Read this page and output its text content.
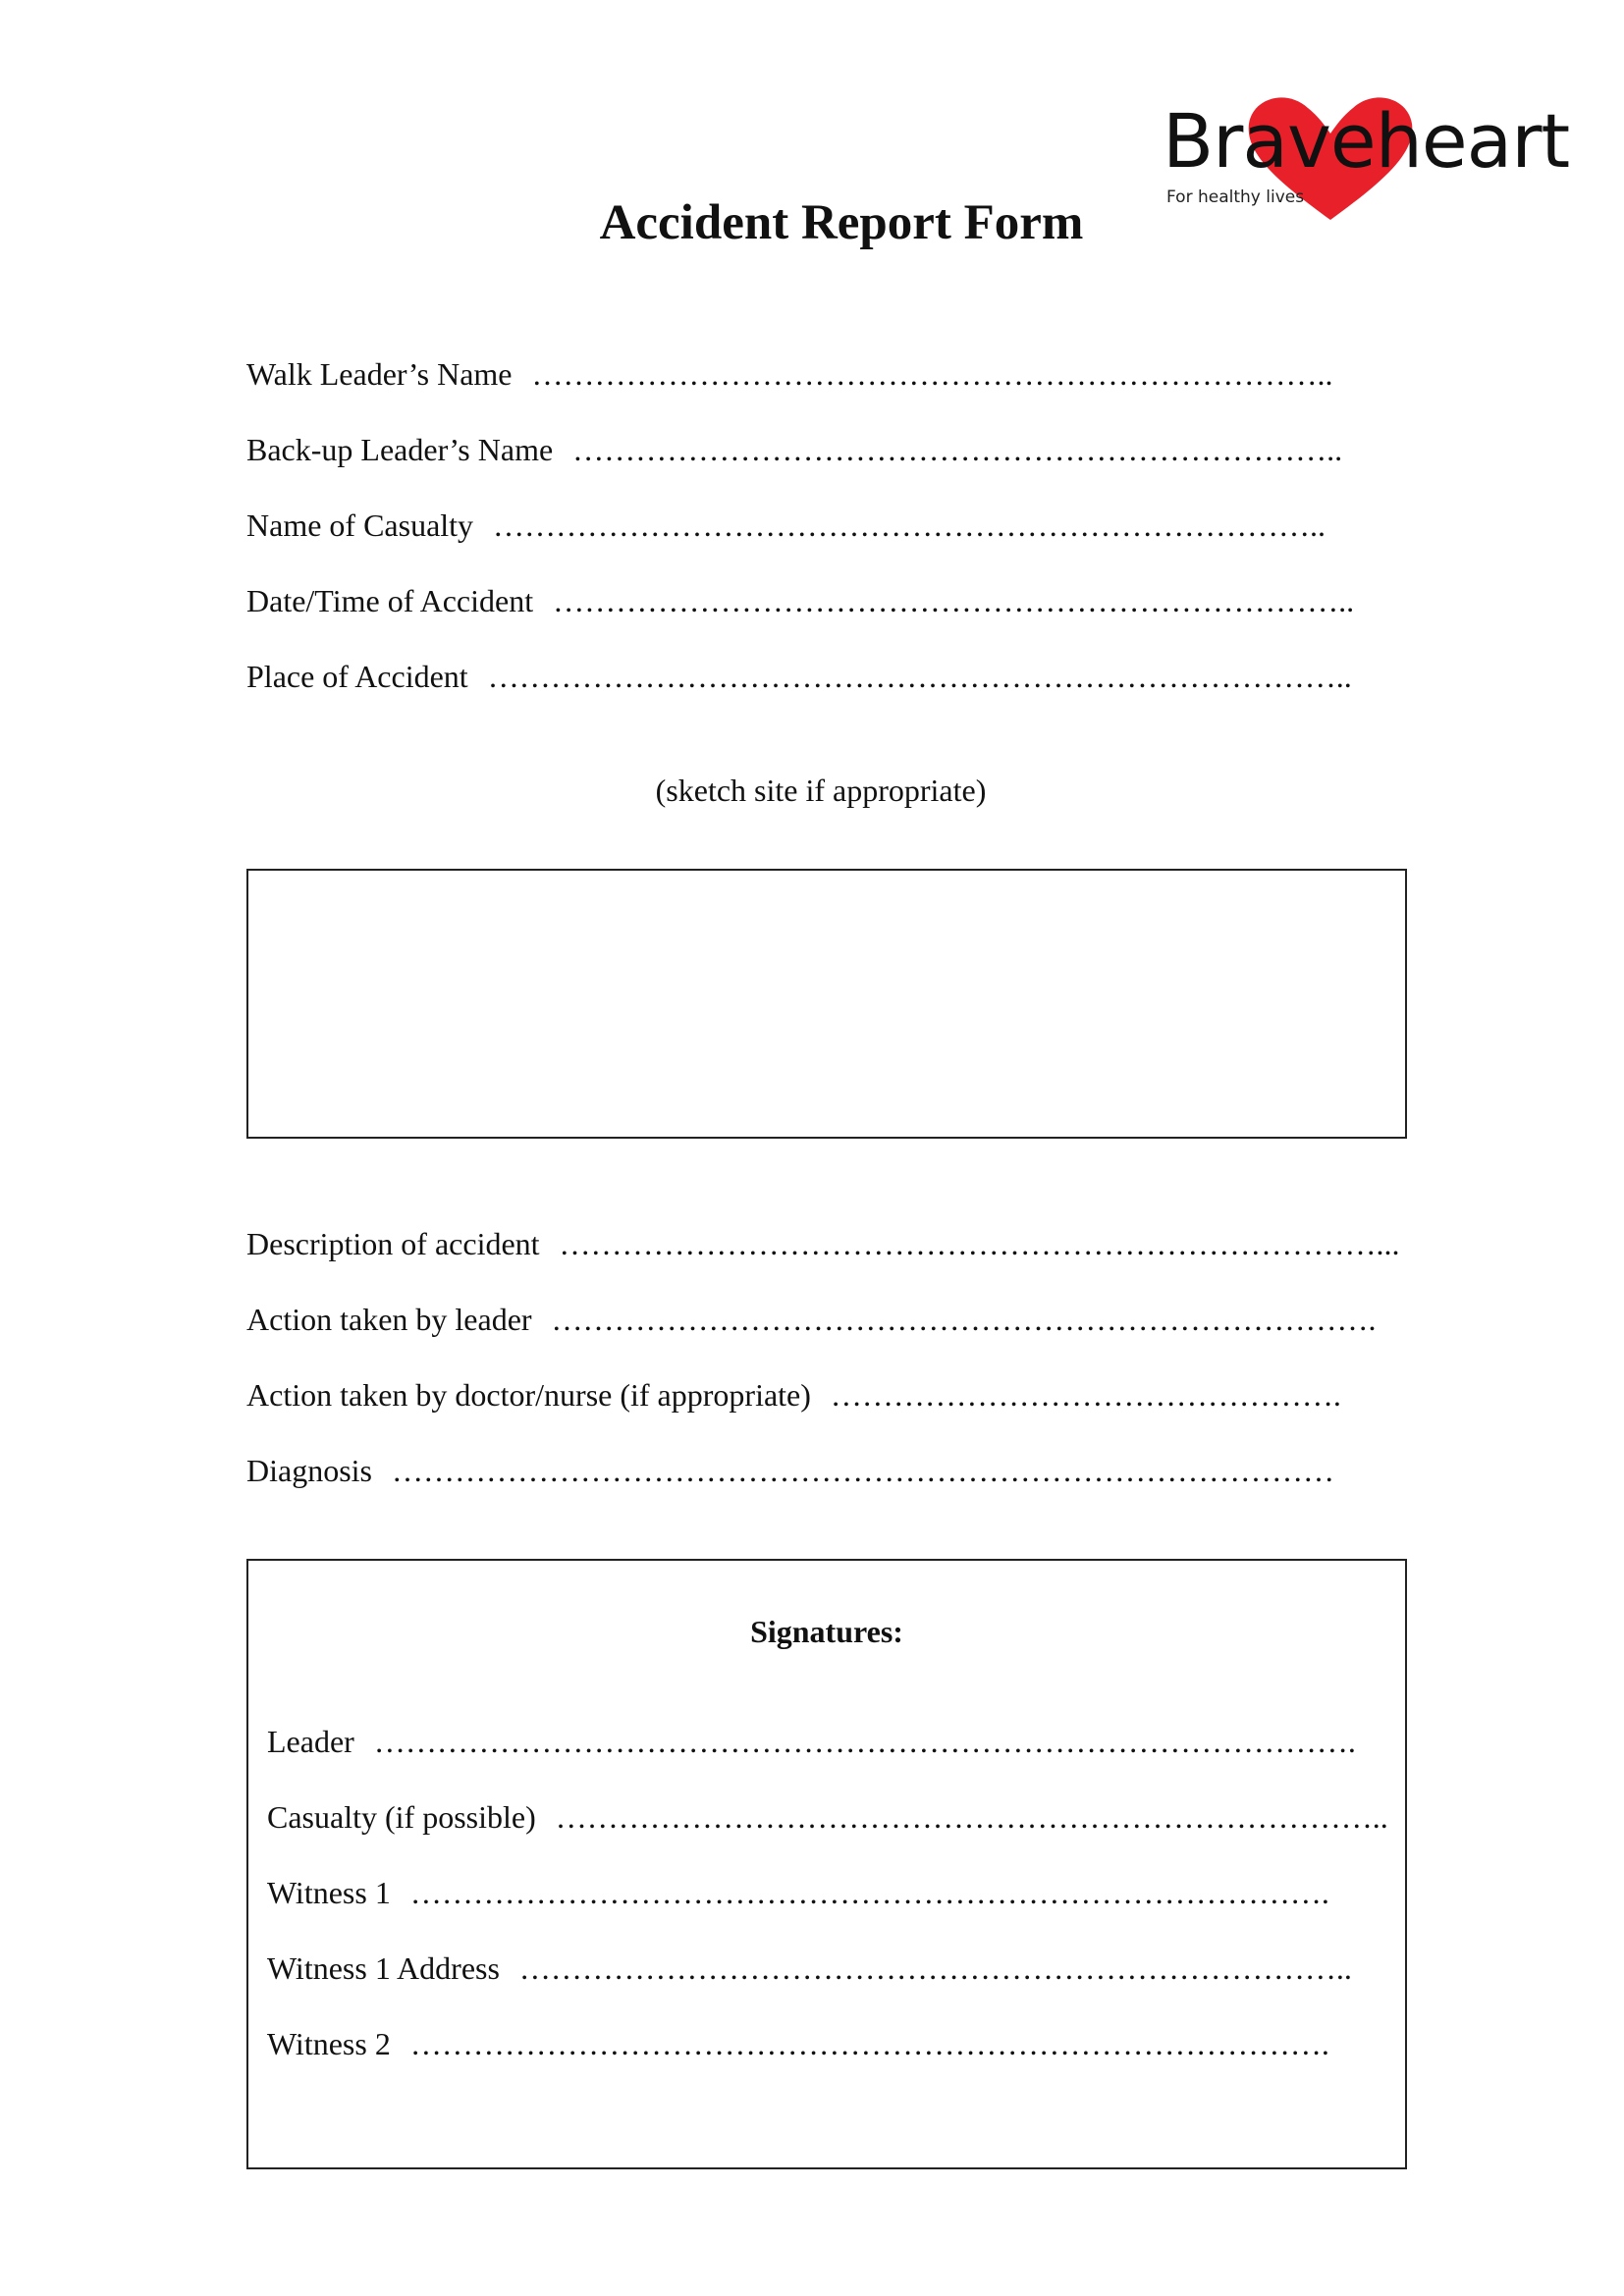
Braveheart
For healthy lives
Accident Report Form
Walk Leader’s Name …………………………………………………………………..
Back-up Leader’s Name ………………………………………………………………..
Name of Casualty ……………………………………………………………………..
Date/Time of Accident …………………………………………………………………..
Place of Accident ………………………………………………………………………..
(sketch site if appropriate)
Description of accident ……………………………………………………………………...
Action taken by leader …………………………………………………………………….
Action taken by doctor/nurse (if appropriate) ………………………………………….
Diagnosis ………………………………………………………………………………
Signatures:
Leader ………………………………………………………………………………….
Casualty (if possible) ……………………………………………………………………..
Witness 1 …………………………………………………………………………….
Witness 1 Address ……………………………………………………………………..
Witness 2 …………………………………………………………………………….
